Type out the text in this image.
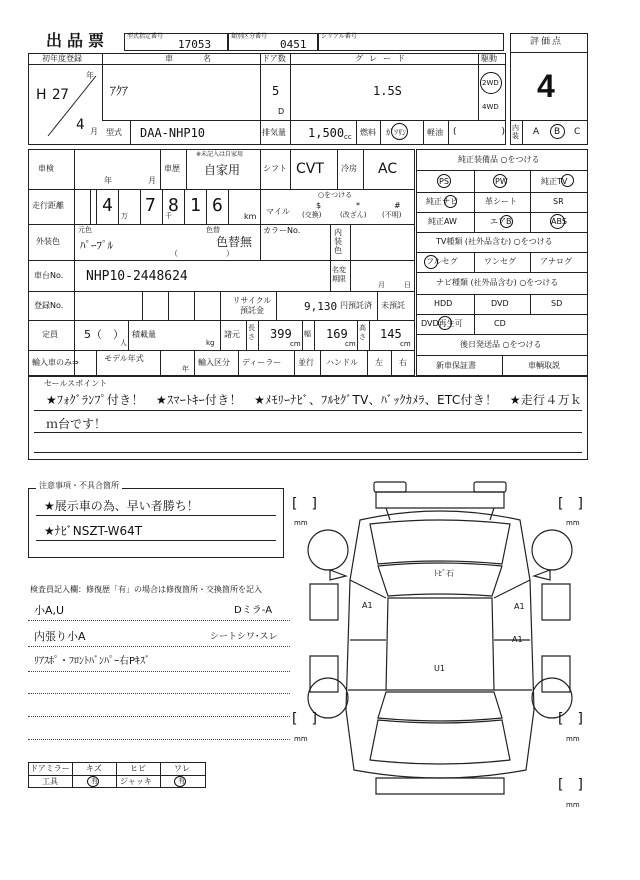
出品票	型式指定番号
17053
類別区分番号
0451
シリアル番号
評価点
4
内装 A B C
初年度登録	車名	ドア数	グレード	駆動
H 27
年
4 月
ｱｸｱ	5
D
1.5S
2WD
4WD
型式 DAA-NHP10	排気量 1,500 cc 燃料 ｶﾞｿﾘﾝ	軽油 (　　　　　)
車検
年	月
車歴
※未記入は自家用
自家用	シフト CVT 冷房 AC
走行距離 4 万 7 千
8 1 6
km
○をつける
マイル
$
(交換)
*
(改ざん)
#
(不明)
外装色
元色
ﾊﾟｰﾌﾟﾙ
色替
色替無
（　　　　　　）
カラーNo.	内装色
車台No. NHP10-2448624	名変期限
月	日
登録No.
リサイクル預託金	9,130 円預託済 未預託
定員 5（　）
人
積載量
kg
諸元
長さ 399
cm
幅 169
cm
高さ 145
cm
輸入車のみ⇒	モデル年式
年
輸入区分 ディーラー 並行 ハンドル 左 右
純正装備品 ○をつける
PS	PW	純正TV
純正ナビ	革シート	SR
純正AW	エアB	ABS
TV種類 (社外品含む) ○をつける
フルセグ	ワンセグ	アナログ
ナビ種類 (社外品含む) ○をつける
HDD	DVD	SD
DVD再生可	CD
後日発送品 ○をつける
新車保証書	車輌取説
セールスポイント
★ﾌｫｸﾞﾗﾝﾌﾟ付き！　★ｽﾏｰﾄｷｰ付き！　★ﾒﾓﾘｰﾅﾋﾞ、ﾌﾙｾｸﾞTV、ﾊﾞｯｸｶﾒﾗ、ETC付き！　★走行４万ｋ
ｍ台です！
注意事項・不具合箇所
★展示車の為、早い者勝ち！
★ﾅﾋﾞNSZT-W64T
検査員記入欄：修復歴「有」の場合は修復箇所・交換箇所を記入
小A,U	Dミラ-A
内張り小A	シートシワ･スレ
ﾘｱｽﾎﾟ・ﾌﾛﾝﾄﾊﾞﾝﾊﾟｰ右Pｷｽﾞ
ドアミラー キズ	ヒビ	ワレ
工具	有	ジャッキ	有
ﾄﾋﾞ石
A1	A1
A1
U1
[　]
mm
[　]
mm
[　]
mm
[　]
mm
[　]
mm
